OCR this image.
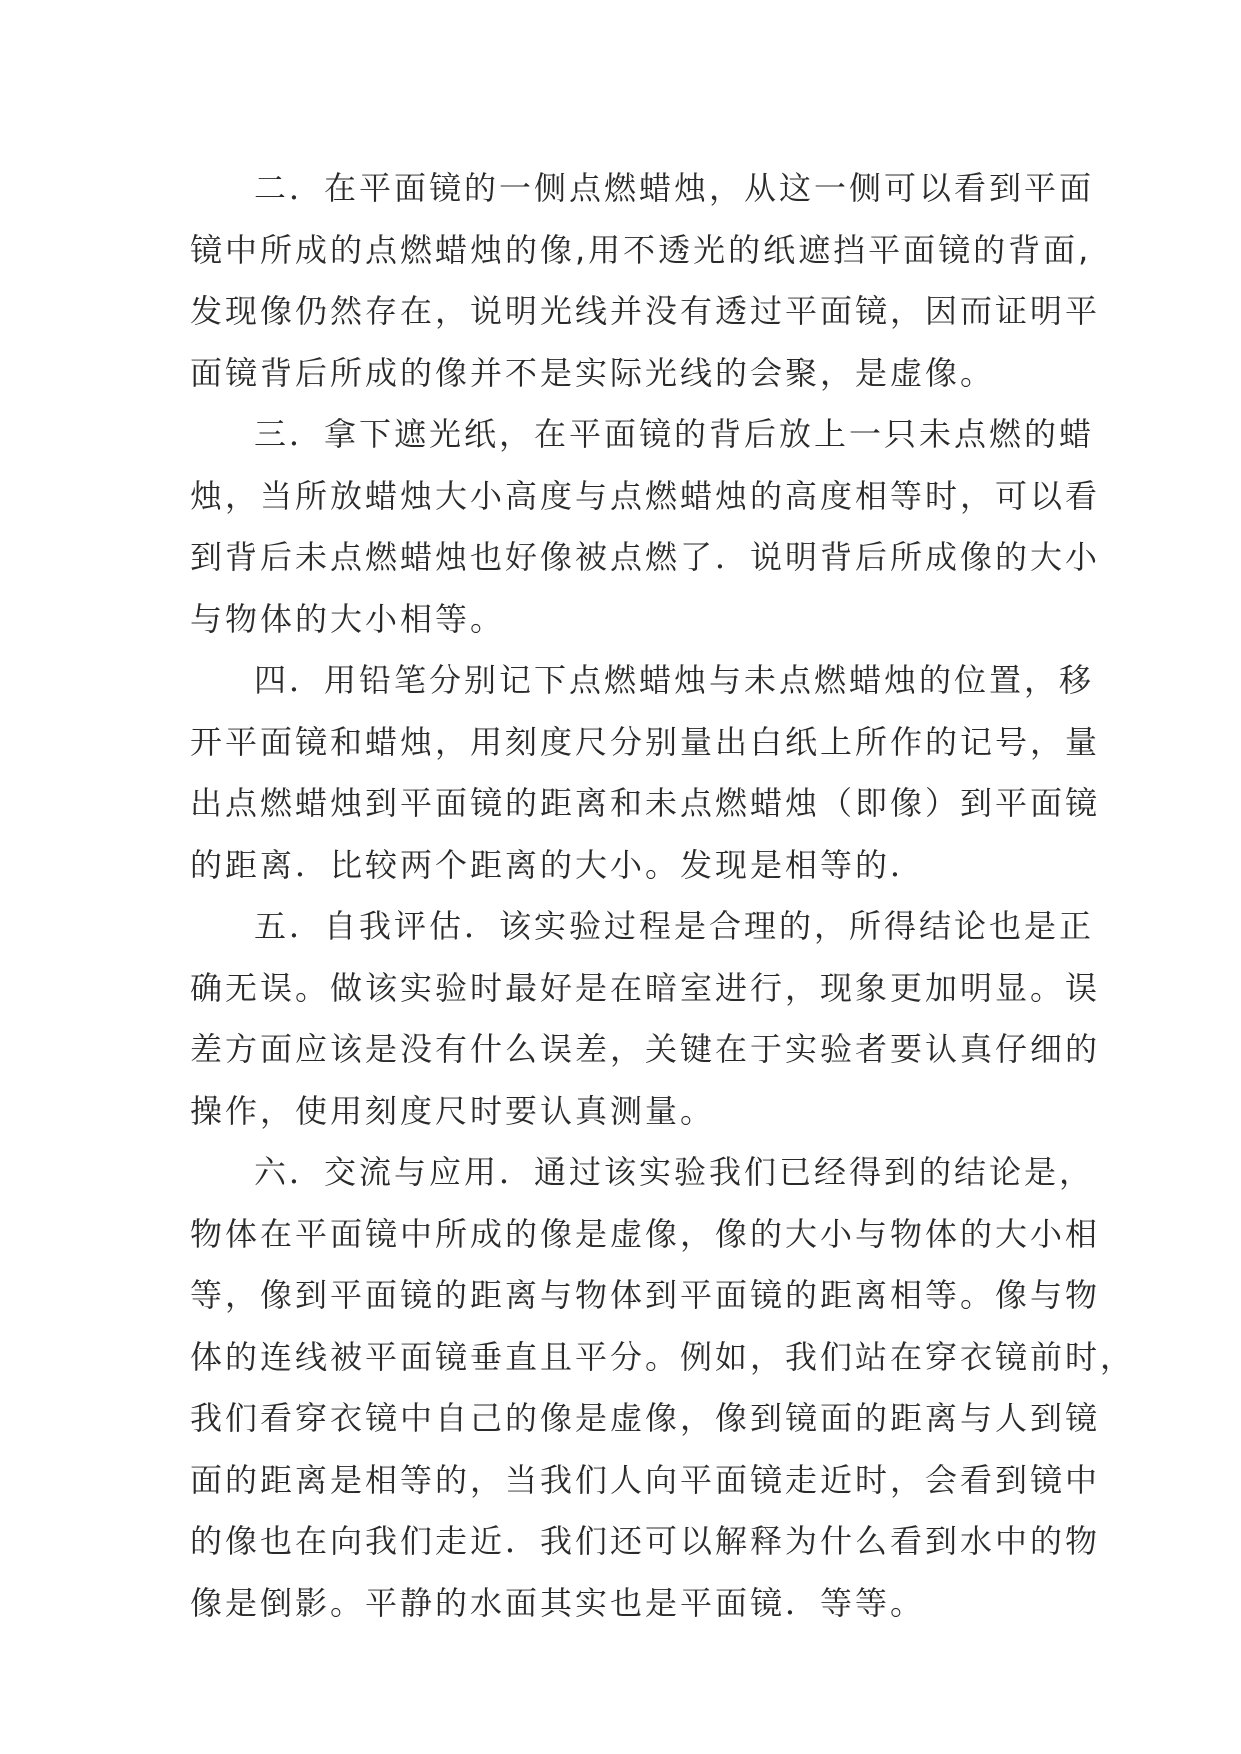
二．在平面镜的一侧点燃蜡烛，从这一侧可以看到平面
镜中所成的点燃蜡烛的像,用不透光的纸遮挡平面镜的背面,
发现像仍然存在，说明光线并没有透过平面镜，因而证明平
面镜背后所成的像并不是实际光线的会聚，是虚像。
三．拿下遮光纸，在平面镜的背后放上一只未点燃的蜡
烛，当所放蜡烛大小高度与点燃蜡烛的高度相等时，可以看
到背后未点燃蜡烛也好像被点燃了．说明背后所成像的大小
与物体的大小相等。
四．用铅笔分别记下点燃蜡烛与未点燃蜡烛的位置，移
开平面镜和蜡烛，用刻度尺分别量出白纸上所作的记号，量
出点燃蜡烛到平面镜的距离和未点燃蜡烛（即像）到平面镜
的距离．比较两个距离的大小。发现是相等的．
五．自我评估．该实验过程是合理的，所得结论也是正
确无误。做该实验时最好是在暗室进行，现象更加明显。误
差方面应该是没有什么误差，关键在于实验者要认真仔细的
操作，使用刻度尺时要认真测量。
六．交流与应用．通过该实验我们已经得到的结论是，
物体在平面镜中所成的像是虚像，像的大小与物体的大小相
等，像到平面镜的距离与物体到平面镜的距离相等。像与物
体的连线被平面镜垂直且平分。例如，我们站在穿衣镜前时，
我们看穿衣镜中自己的像是虚像，像到镜面的距离与人到镜
面的距离是相等的，当我们人向平面镜走近时，会看到镜中
的像也在向我们走近．我们还可以解释为什么看到水中的物
像是倒影。平静的水面其实也是平面镜．等等。
